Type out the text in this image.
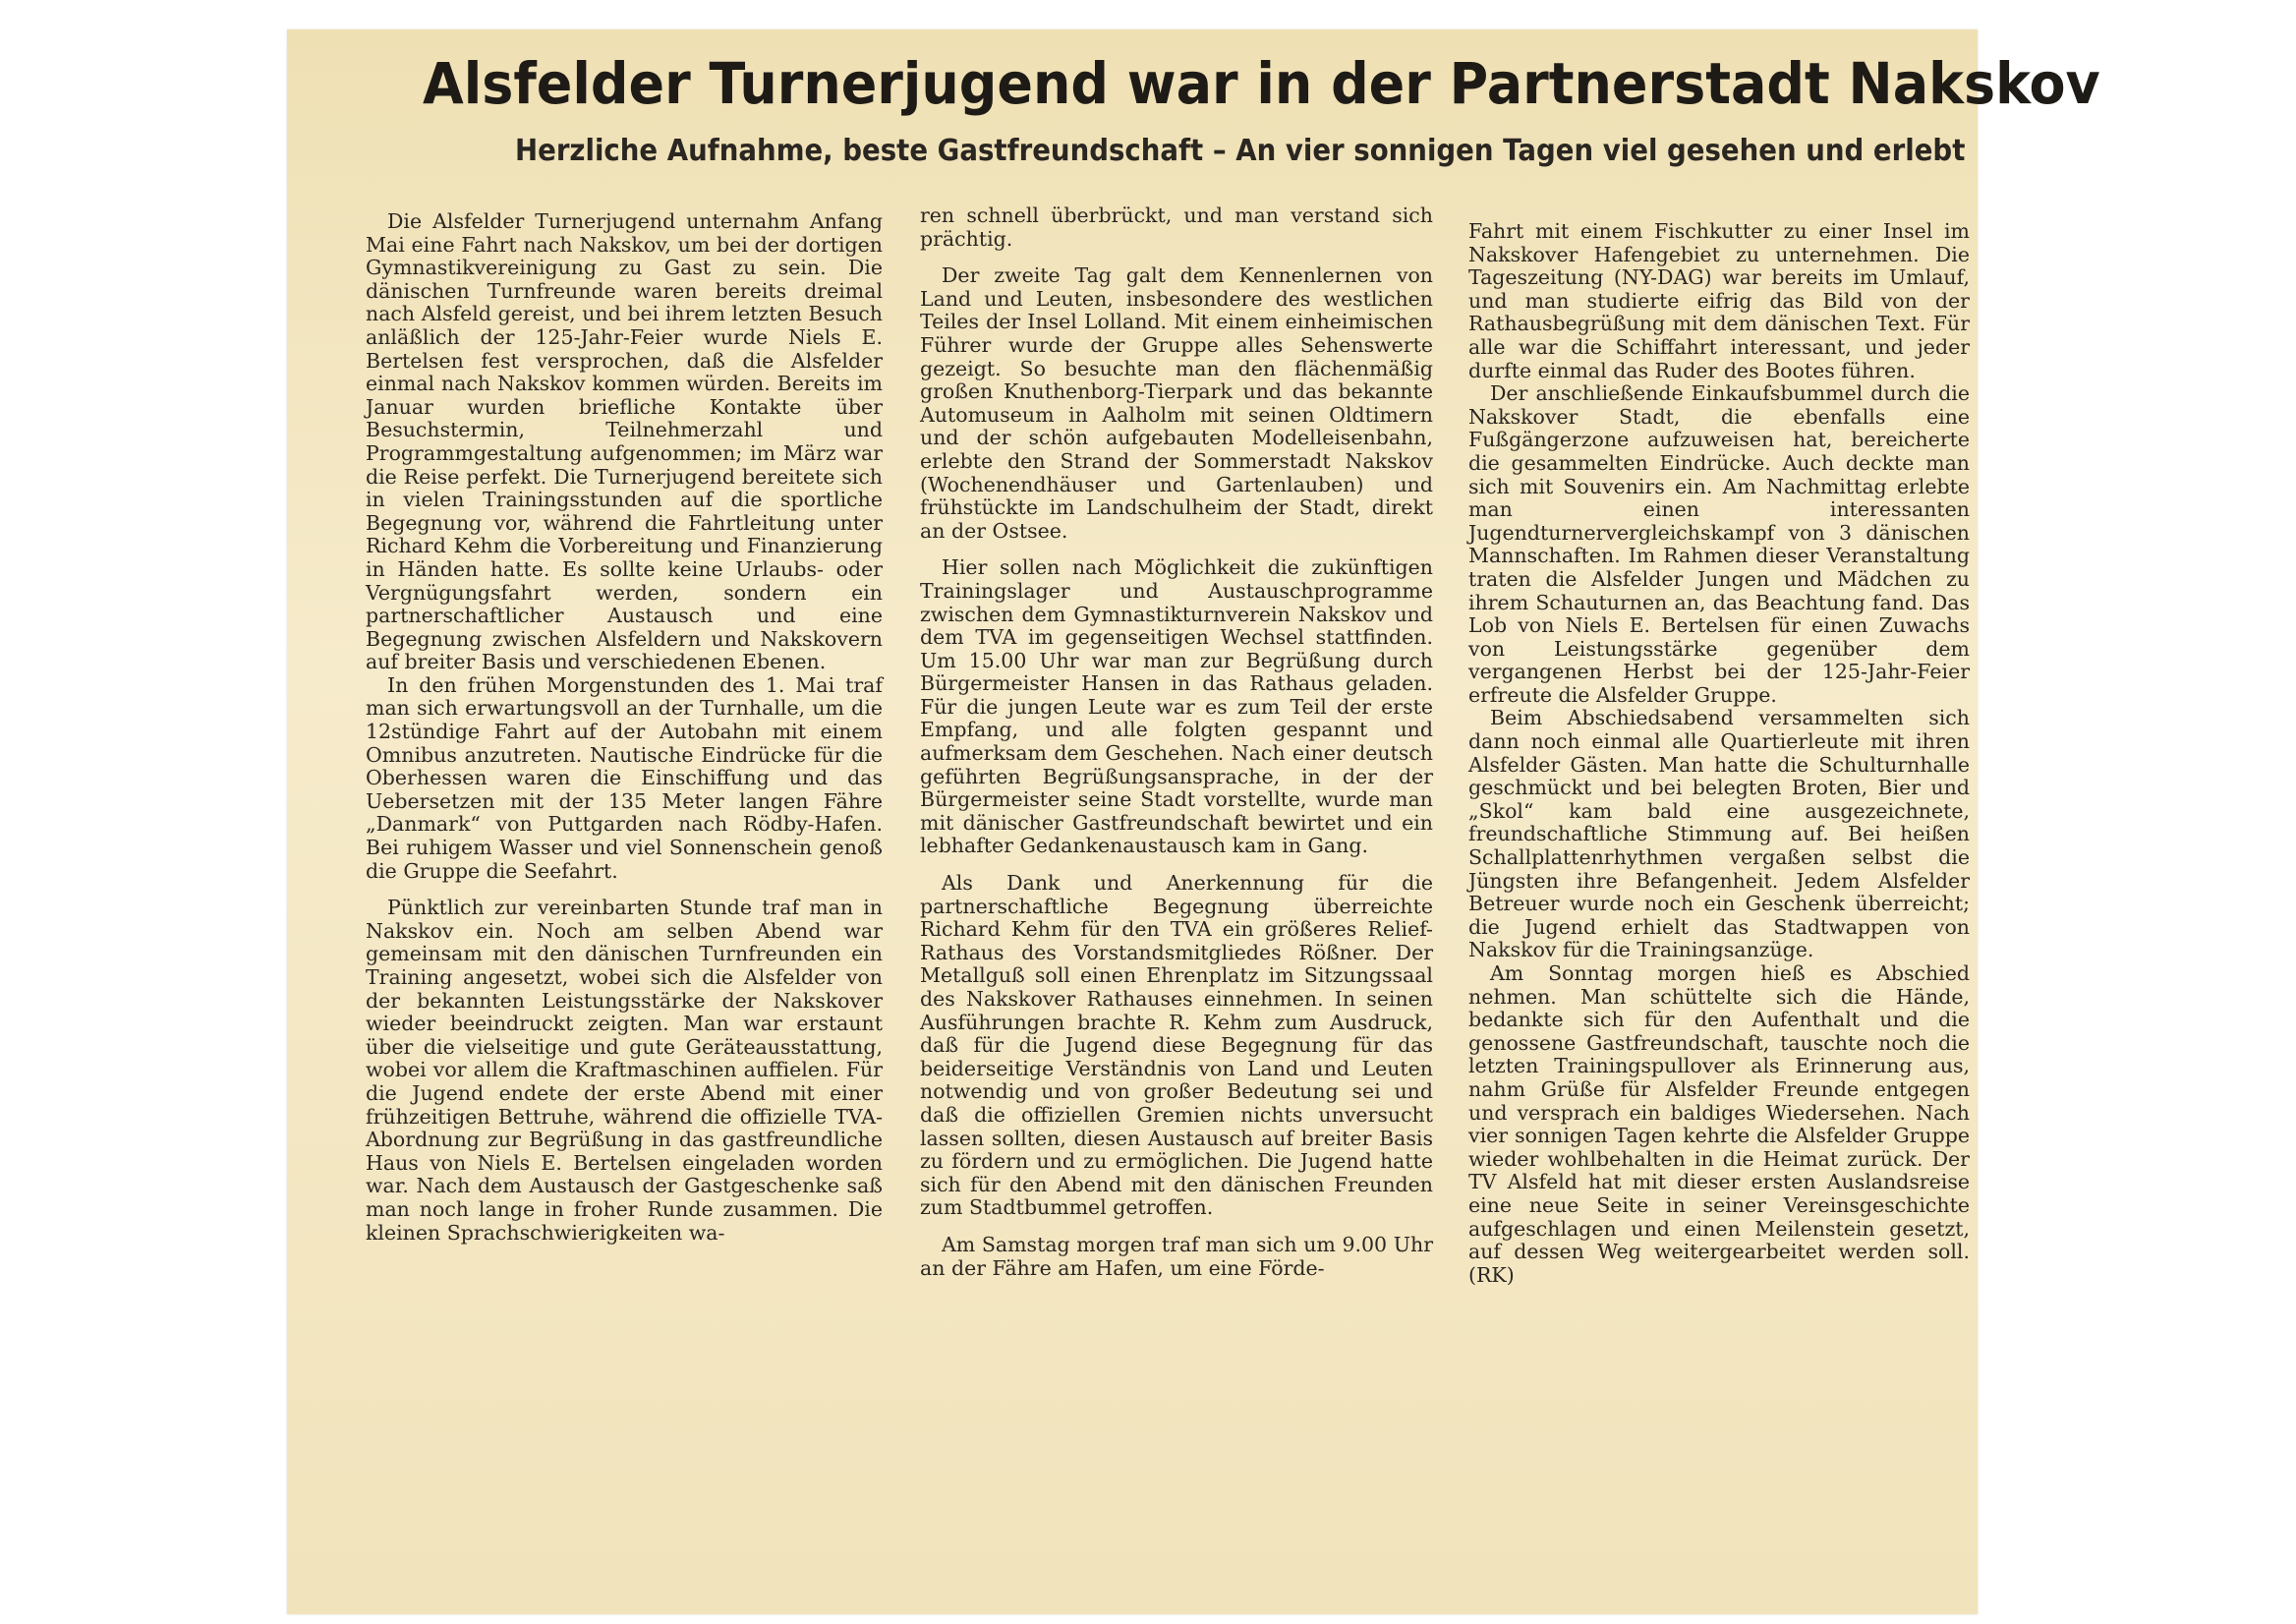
Alsfelder Turnerjugend war in der Partnerstadt Nakskov
Herzliche Aufnahme, beste Gastfreundschaft – An vier sonnigen Tagen viel gesehen und erlebt

Die Alsfelder Turnerjugend unternahm Anfang Mai eine Fahrt nach Nakskov, um bei der dortigen Gymnastikvereinigung zu Gast zu sein. Die dänischen Turnfreunde waren bereits dreimal nach Alsfeld gereist, und bei ihrem letzten Besuch anläßlich der 125-Jahr-Feier wurde Niels E. Bertelsen fest versprochen, daß die Alsfelder einmal nach Nakskov kommen würden. Bereits im Januar wurden briefliche Kontakte über Besuchstermin, Teilnehmerzahl und Programmgestaltung aufgenommen; im März war die Reise perfekt. Die Turnerjugend bereitete sich in vielen Trainingsstunden auf die sportliche Begegnung vor, während die Fahrtleitung unter Richard Kehm die Vorbereitung und Finanzierung in Händen hatte. Es sollte keine Urlaubs- oder Vergnügungsfahrt werden, sondern ein partnerschaftlicher Austausch und eine Begegnung zwischen Alsfeldern und Nakskovern auf breiter Basis und verschiedenen Ebenen.

In den frühen Morgenstunden des 1. Mai traf man sich erwartungsvoll an der Turnhalle, um die 12stündige Fahrt auf der Autobahn mit einem Omnibus anzutreten. Nautische Eindrücke für die Oberhessen waren die Einschiffung und das Uebersetzen mit der 135 Meter langen Fähre „Danmark“ von Puttgarden nach Rödby-Hafen. Bei ruhigem Wasser und viel Sonnenschein genoß die Gruppe die Seefahrt.

Pünktlich zur vereinbarten Stunde traf man in Nakskov ein. Noch am selben Abend war gemeinsam mit den dänischen Turnfreunden ein Training angesetzt, wobei sich die Alsfelder von der bekannten Leistungsstärke der Nakskover wieder beeindruckt zeigten. Man war erstaunt über die vielseitige und gute Geräteausstattung, wobei vor allem die Kraftmaschinen auffielen. Für die Jugend endete der erste Abend mit einer frühzeitigen Bettruhe, während die offizielle TVA-Abordnung zur Begrüßung in das gastfreundliche Haus von Niels E. Bertelsen eingeladen worden war. Nach dem Austausch der Gastgeschenke saß man noch lange in froher Runde zusammen. Die kleinen Sprachschwierigkeiten wa-

ren schnell überbrückt, und man verstand sich prächtig.

Der zweite Tag galt dem Kennenlernen von Land und Leuten, insbesondere des westlichen Teiles der Insel Lolland. Mit einem einheimischen Führer wurde der Gruppe alles Sehenswerte gezeigt. So besuchte man den flächenmäßig großen Knuthenborg-Tierpark und das bekannte Automuseum in Aalholm mit seinen Oldtimern und der schön aufgebauten Modelleisenbahn, erlebte den Strand der Sommerstadt Nakskov (Wochenendhäuser und Gartenlauben) und frühstückte im Landschulheim der Stadt, direkt an der Ostsee.

Hier sollen nach Möglichkeit die zukünftigen Trainingslager und Austauschprogramme zwischen dem Gymnastikturnverein Nakskov und dem TVA im gegenseitigen Wechsel stattfinden. Um 15.00 Uhr war man zur Begrüßung durch Bürgermeister Hansen in das Rathaus geladen. Für die jungen Leute war es zum Teil der erste Empfang, und alle folgten gespannt und aufmerksam dem Geschehen. Nach einer deutsch geführten Begrüßungsansprache, in der der Bürgermeister seine Stadt vorstellte, wurde man mit dänischer Gastfreundschaft bewirtet und ein lebhafter Gedankenaustausch kam in Gang.

Als Dank und Anerkennung für die partnerschaftliche Begegnung überreichte Richard Kehm für den TVA ein größeres Relief-Rathaus des Vorstandsmitgliedes Rößner. Der Metallguß soll einen Ehrenplatz im Sitzungssaal des Nakskover Rathauses einnehmen. In seinen Ausführungen brachte R. Kehm zum Ausdruck, daß für die Jugend diese Begegnung für das beiderseitige Verständnis von Land und Leuten notwendig und von großer Bedeutung sei und daß die offiziellen Gremien nichts unversucht lassen sollten, diesen Austausch auf breiter Basis zu fördern und zu ermöglichen. Die Jugend hatte sich für den Abend mit den dänischen Freunden zum Stadtbummel getroffen.

Am Samstag morgen traf man sich um 9.00 Uhr an der Fähre am Hafen, um eine Förde-

Fahrt mit einem Fischkutter zu einer Insel im Nakskover Hafengebiet zu unternehmen. Die Tageszeitung (NY-DAG) war bereits im Umlauf, und man studierte eifrig das Bild von der Rathausbegrüßung mit dem dänischen Text. Für alle war die Schiffahrt interessant, und jeder durfte einmal das Ruder des Bootes führen.

Der anschließende Einkaufsbummel durch die Nakskover Stadt, die ebenfalls eine Fußgängerzone aufzuweisen hat, bereicherte die gesammelten Eindrücke. Auch deckte man sich mit Souvenirs ein. Am Nachmittag erlebte man einen interessanten Jugendturnervergleichskampf von 3 dänischen Mannschaften. Im Rahmen dieser Veranstaltung traten die Alsfelder Jungen und Mädchen zu ihrem Schauturnen an, das Beachtung fand. Das Lob von Niels E. Bertelsen für einen Zuwachs von Leistungsstärke gegenüber dem vergangenen Herbst bei der 125-Jahr-Feier erfreute die Alsfelder Gruppe.

Beim Abschiedsabend versammelten sich dann noch einmal alle Quartierleute mit ihren Alsfelder Gästen. Man hatte die Schulturnhalle geschmückt und bei belegten Broten, Bier und „Skol“ kam bald eine ausgezeichnete, freundschaftliche Stimmung auf. Bei heißen Schallplattenrhythmen vergaßen selbst die Jüngsten ihre Befangenheit. Jedem Alsfelder Betreuer wurde noch ein Geschenk überreicht; die Jugend erhielt das Stadtwappen von Nakskov für die Trainingsanzüge.

Am Sonntag morgen hieß es Abschied nehmen. Man schüttelte sich die Hände, bedankte sich für den Aufenthalt und die genossene Gastfreundschaft, tauschte noch die letzten Trainingspullover als Erinnerung aus, nahm Grüße für Alsfelder Freunde entgegen und versprach ein baldiges Wiedersehen. Nach vier sonnigen Tagen kehrte die Alsfelder Gruppe wieder wohlbehalten in die Heimat zurück. Der TV Alsfeld hat mit dieser ersten Auslandsreise eine neue Seite in seiner Vereinsgeschichte aufgeschlagen und einen Meilenstein gesetzt, auf dessen Weg weitergearbeitet werden soll. (RK)
